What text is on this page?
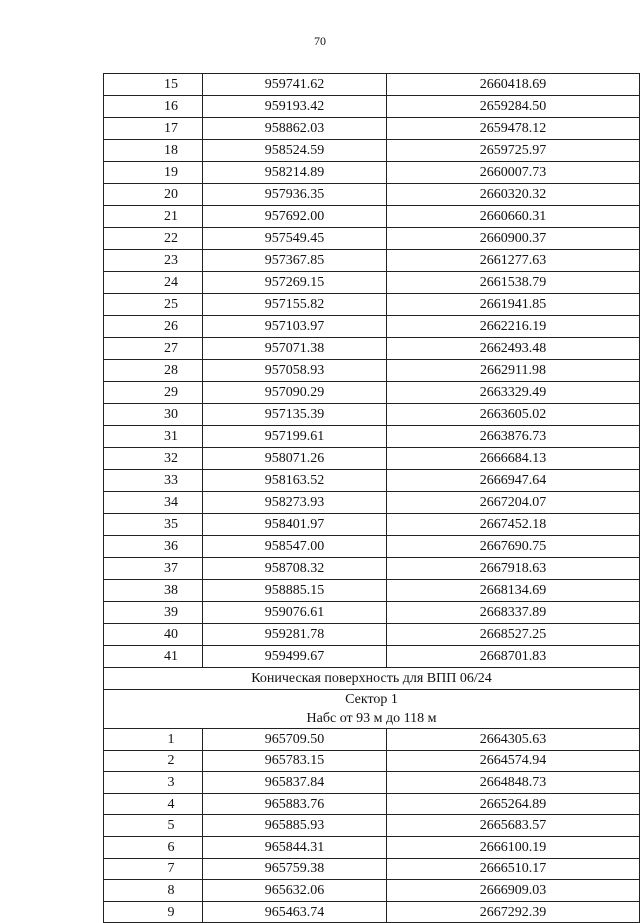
70
15	959741.62	2660418.69
16	959193.42	2659284.50
17	958862.03	2659478.12
18	958524.59	2659725.97
19	958214.89	2660007.73
20	957936.35	2660320.32
21	957692.00	2660660.31
22	957549.45	2660900.37
23	957367.85	2661277.63
24	957269.15	2661538.79
25	957155.82	2661941.85
26	957103.97	2662216.19
27	957071.38	2662493.48
28	957058.93	2662911.98
29	957090.29	2663329.49
30	957135.39	2663605.02
31	957199.61	2663876.73
32	958071.26	2666684.13
33	958163.52	2666947.64
34	958273.93	2667204.07
35	958401.97	2667452.18
36	958547.00	2667690.75
37	958708.32	2667918.63
38	958885.15	2668134.69
39	959076.61	2668337.89
40	959281.78	2668527.25
41	959499.67	2668701.83
Коническая поверхность для ВПП 06/24		

Сектор 1
Набс от 93 м до 118 м		

1	965709.50	2664305.63
2	965783.15	2664574.94
3	965837.84	2664848.73
4	965883.76	2665264.89
5	965885.93	2665683.57
6	965844.31	2666100.19
7	965759.38	2666510.17
8	965632.06	2666909.03
9	965463.74	2667292.39
